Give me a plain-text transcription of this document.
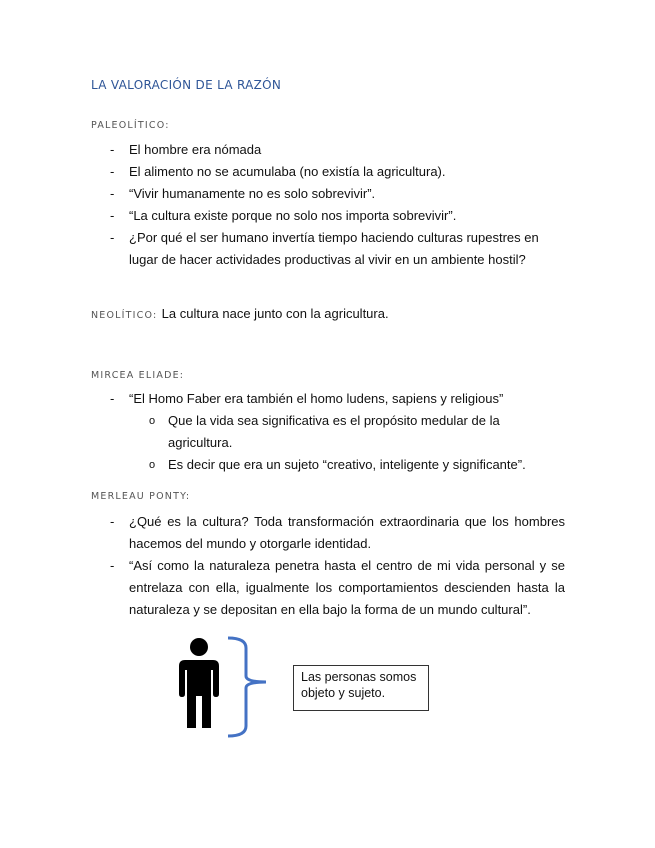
LA VALORACIÓN DE LA RAZÓN
PALEOLÍTICO:
- El hombre era nómada
- El alimento no se acumulaba (no existía la agricultura).
- “Vivir humanamente no es solo sobrevivir”.
- “La cultura existe porque no solo nos importa sobrevivir”.
- ¿Por qué el ser humano invertía tiempo haciendo culturas rupestres en lugar de hacer actividades productivas al vivir en un ambiente hostil?
NEOLÍTICO: La cultura nace junto con la agricultura.
MIRCEA ELIADE:
- “El Homo Faber era también el homo ludens, sapiens y religious”
o Que la vida sea significativa es el propósito medular de la agricultura.
o Es decir que era un sujeto “creativo, inteligente y significante”.
MERLEAU PONTY:
- ¿Qué es la cultura? Toda transformación extraordinaria que los hombres hacemos del mundo y otorgarle identidad.
- “Así como la naturaleza penetra hasta el centro de mi vida personal y se entrelaza con ella, igualmente los comportamientos descienden hasta la naturaleza y se depositan en ella bajo la forma de un mundo cultural”.
Las personas somos objeto y sujeto.
